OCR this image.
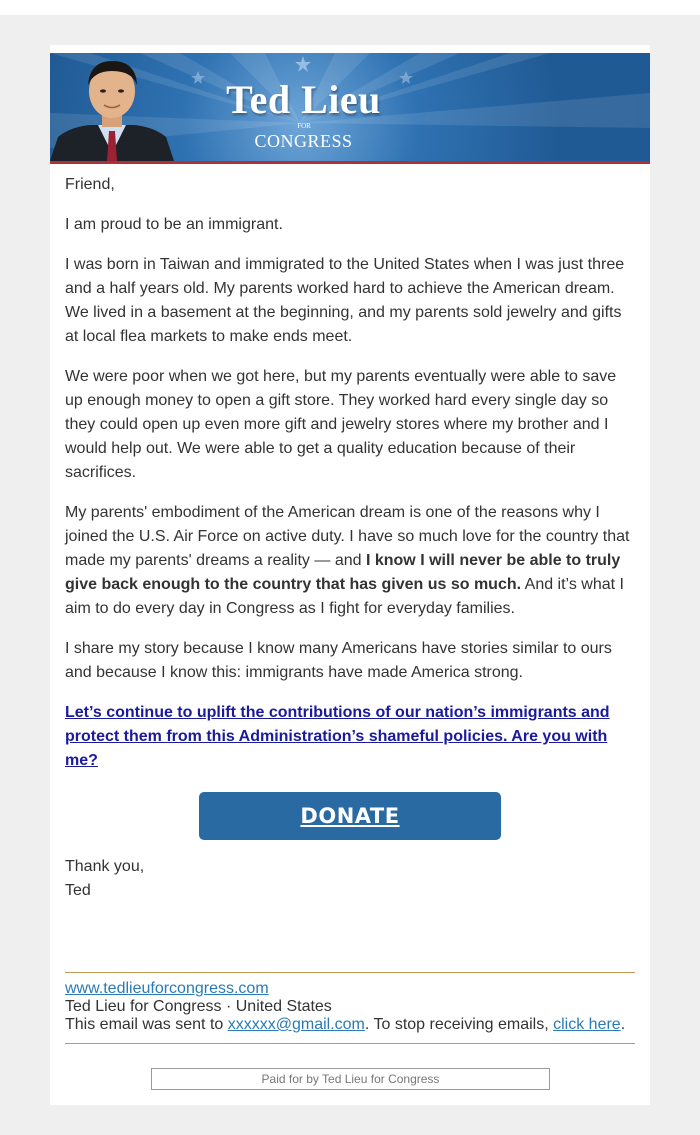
Ted Lieu
FOR
CONGRESS

Friend,

I am proud to be an immigrant.

I was born in Taiwan and immigrated to the United States when I was just three and a half years old. My parents worked hard to achieve the American dream. We lived in a basement at the beginning, and my parents sold jewelry and gifts at local flea markets to make ends meet.

We were poor when we got here, but my parents eventually were able to save up enough money to open a gift store. They worked hard every single day so they could open up even more gift and jewelry stores where my brother and I would help out. We were able to get a quality education because of their sacrifices.

My parents' embodiment of the American dream is one of the reasons why I joined the U.S. Air Force on active duty. I have so much love for the country that made my parents' dreams a reality — and I know I will never be able to truly give back enough to the country that has given us so much. And it’s what I aim to do every day in Congress as I fight for everyday families.

I share my story because I know many Americans have stories similar to ours and because I know this: immigrants have made America strong.

Let’s continue to uplift the contributions of our nation’s immigrants and protect them from this Administration’s shameful policies. Are you with me?

DONATE
Thank you,
Ted
www.tedlieuforcongress.com
Ted Lieu for Congress · United States
This email was sent to xxxxxx@gmail.com. To stop receiving emails, click here.
Paid for by Ted Lieu for Congress
